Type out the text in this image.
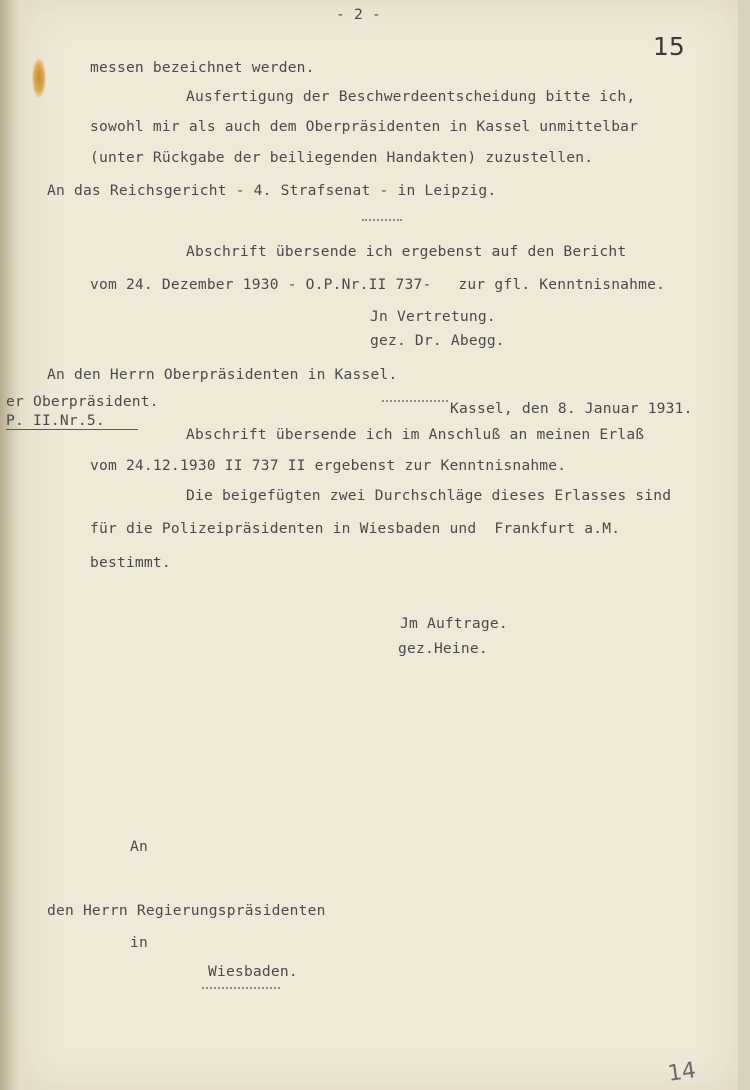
- 2 -
15
messen bezeichnet werden.
Ausfertigung der Beschwerdeentscheidung bitte ich,
sowohl mir als auch dem Oberpräsidenten in Kassel unmittelbar
(unter Rückgabe der beiliegenden Handakten) zuzustellen.
An das Reichsgericht - 4. Strafsenat - in Leipzig.
Abschrift übersende ich ergebenst auf den Bericht
vom 24. Dezember 1930 - O.P.Nr.II 737-   zur gfl. Kenntnisnahme.
Jn Vertretung.
gez. Dr. Abegg.
An den Herrn Oberpräsidenten in Kassel.
er Oberpräsident.	Kassel, den 8. Januar 1931.
P. II.Nr.5.
Abschrift übersende ich im Anschluß an meinen Erlaß
vom 24.12.1930 II 737 II ergebenst zur Kenntnisnahme.
Die beigefügten zwei Durchschläge dieses Erlasses sind
für die Polizeipräsidenten in Wiesbaden und  Frankfurt a.M.
bestimmt.
Jm Auftrage.
gez.Heine.
An
den Herrn Regierungspräsidenten
in
Wiesbaden.
14
